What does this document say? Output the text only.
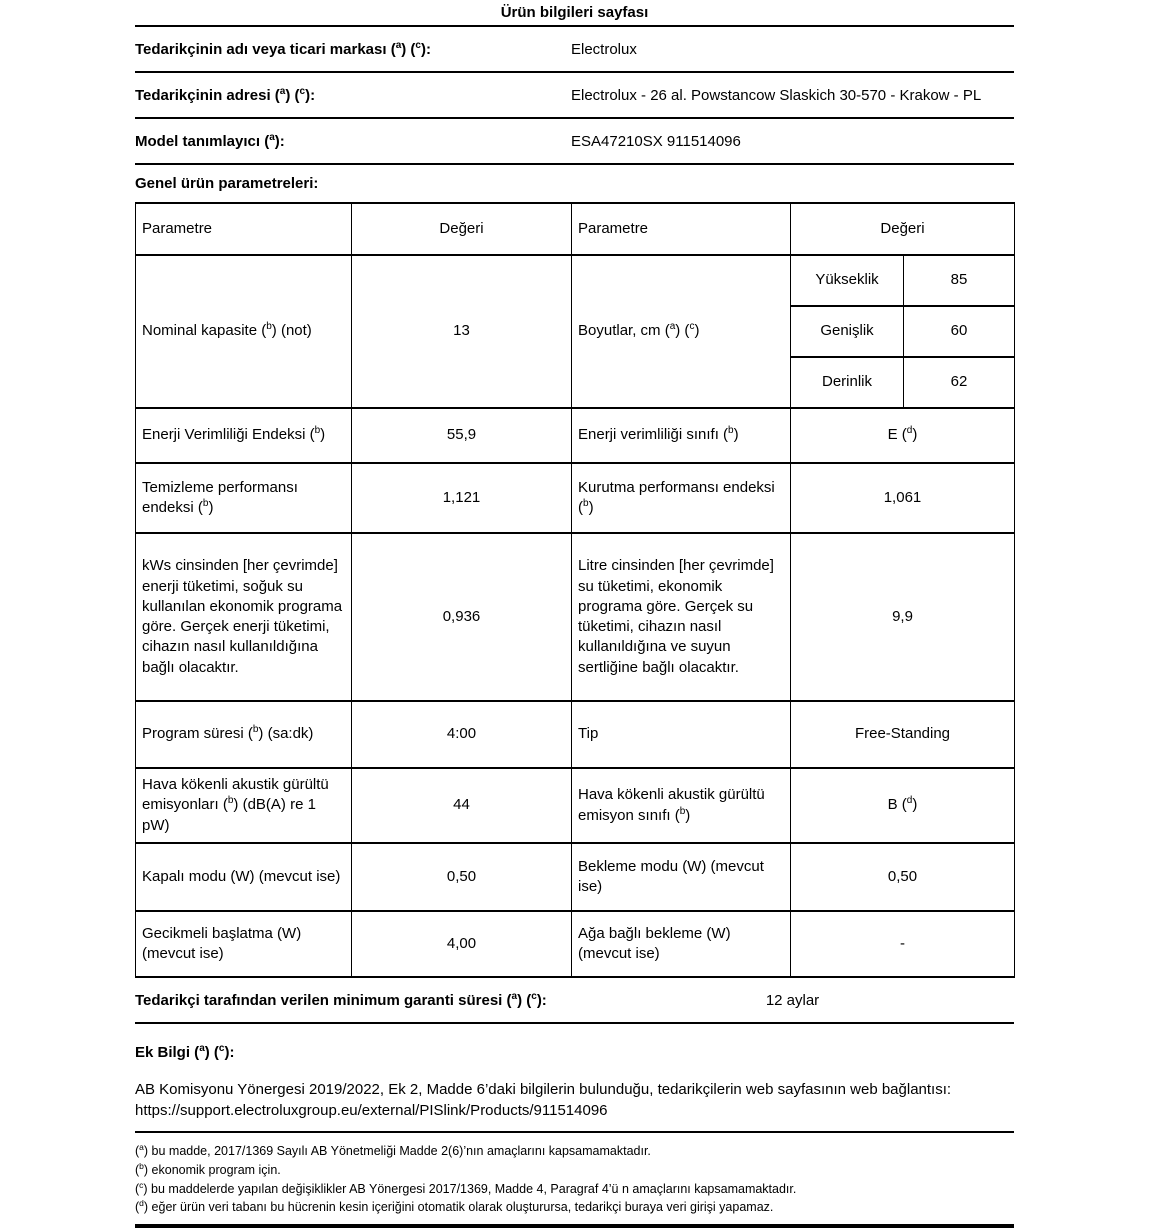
Ürün bilgileri sayfası
Tedarikçinin adı veya ticari markası ($^a$) ($^c$):	Electrolux
Tedarikçinin adresi ($^a$) ($^c$):	Electrolux - 26 al. Powstancow Slaskich 30-570 - Krakow - PL
Model tanımlayıcı ($^a$):	ESA47210SX 911514096
Genel ürün parametreleri:
Parametre	Değeri	Parametre	Değeri	
Nominal kapasite ($^b$) (not)	13	Boyutlar, cm ($^a$) ($^c$)	Yükseklik	85
			Genişlik	60
			Derinlik	62
Enerji Verimliliği Endeksi ($^b$)	55,9	Enerji verimliliği sınıfı ($^b$)	E ($^d$)	
Temizleme performansı endeksi ($^b$)	1,121	Kurutma performansı endeksi ($^b$)	1,061	
kWs cinsinden [her çevrimde] enerji tüketimi, soğuk su kullanılan ekonomik programa göre. Gerçek enerji tüketimi, cihazın nasıl kullanıldığına bağlı olacaktır.	0,936	Litre cinsinden [her çevrimde] su tüketimi, ekonomik programa göre. Gerçek su tüketimi, cihazın nasıl kullanıldığına ve suyun sertliğine bağlı olacaktır.	9,9	
Program süresi ($^b$) (sa:dk)	4:00	Tip	Free-Standing	
Hava kökenli akustik gürültü emisyonları ($^b$) (dB(A) re 1 pW)	44	Hava kökenli akustik gürültü emisyon sınıfı ($^b$)	B ($^d$)	
Kapalı modu (W) (mevcut ise)	0,50	Bekleme modu (W) (mevcut ise)	0,50	
Gecikmeli başlatma (W) (mevcut ise)	4,00	Ağa bağlı bekleme (W) (mevcut ise)	-	
Tedarikçi tarafından verilen minimum garanti süresi ($^a$) ($^c$):	12 aylar
Ek Bilgi ($^a$) ($^c$):
AB Komisyonu Yönergesi 2019/2022, Ek 2, Madde 6’daki bilgilerin bulunduğu, tedarikçilerin web sayfasının web bağlantısı: https://support.electroluxgroup.eu/external/PISlink/Products/911514096

($^a$) bu madde, 2017/1369 Sayılı AB Yönetmeliği Madde 2(6)’nın amaçlarını kapsamamaktadır.

($^b$) ekonomik program için.

($^c$) bu maddelerde yapılan değişiklikler AB Yönergesi 2017/1369, Madde 4, Paragraf 4’ü n amaçlarını kapsamamaktadır.

($^d$) eğer ürün veri tabanı bu hücrenin kesin içeriğini otomatik olarak oluşturursa, tedarikçi buraya veri girişi yapamaz.
